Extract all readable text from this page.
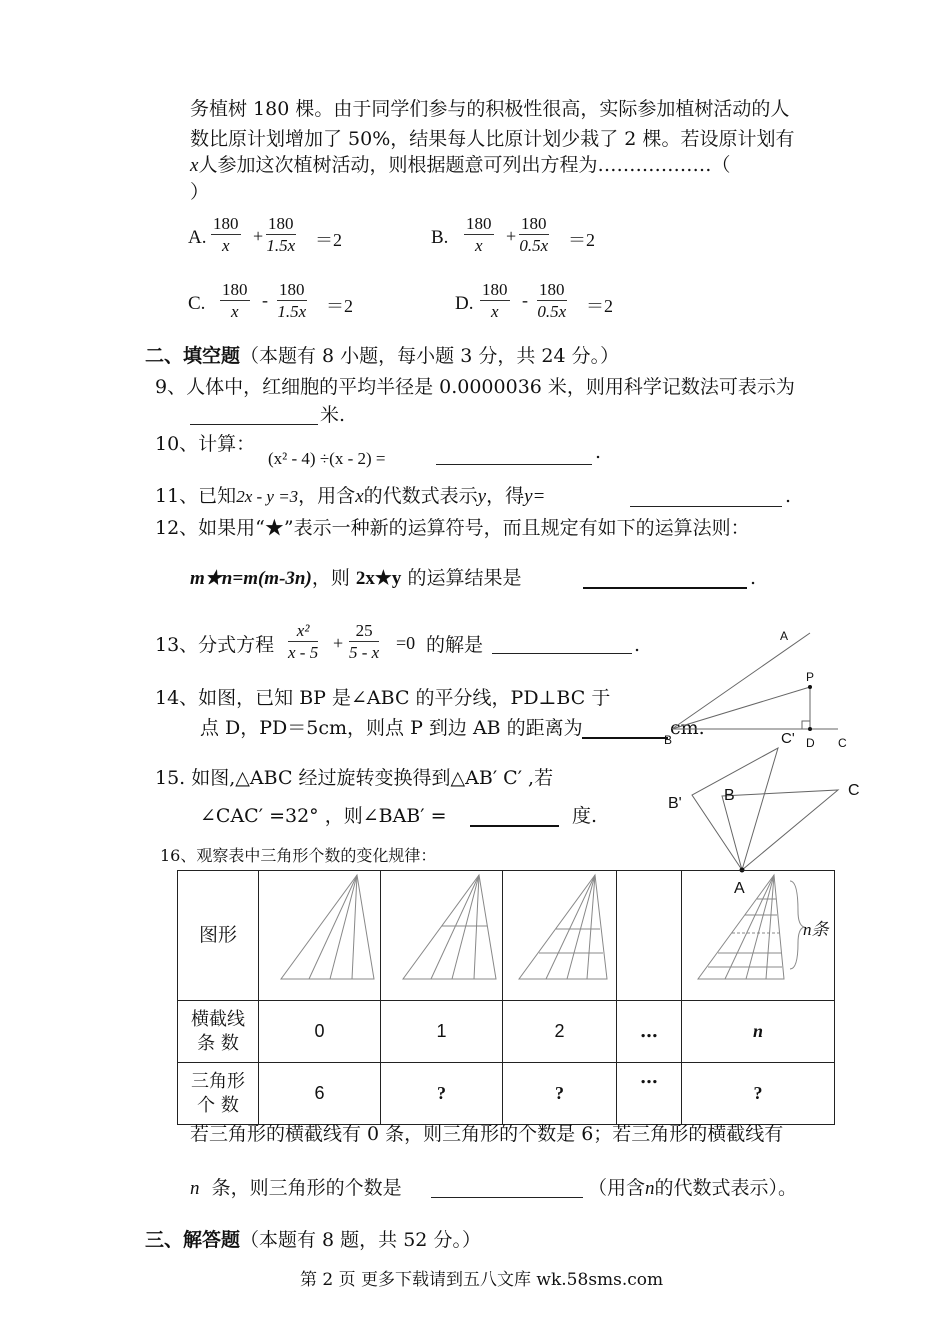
务植树 180 棵。由于同学们参与的积极性很高，实际参加植树活动的人
数比原计划增加了 50%，结果每人比原计划少栽了 2 棵。若设原计划有
x人参加这次植树活动，则根据题意可列出方程为………………（
）
A. $\frac{180}{x} + \frac{180}{1.5x} =2$	B. $\frac{180}{x} + \frac{180}{0.5x} =2$
C. $\frac{180}{x} - \frac{180}{1.5x} =2$	D. $\frac{180}{x} - \frac{180}{0.5x} =2$
二、填空题（本题有 8 小题，每小题 3 分，共 24 分。）
9、人体中，红细胞的平均半径是 0.0000036 米，则用科学记数法可表示为
米.
10、计算：
(x² - 4) ÷(x - 2) =	.
11、已知2x - y =3，用含x的代数式表示y，得y=	.
12、如果用“★”表示一种新的运算符号，而且规定有如下的运算法则：
m★n=m(m-3n)，则 2x★y 的运算结果是	.
13、分式方程 $\frac{\text{x²}}{x - 5} + \frac{25}{5 - x} =0$ 的解是	.
14、如图，已知 BP 是∠ABC 的平分线，PD⊥BC 于
点 D，PD＝5cm，则点 P 到边 AB 的距离为	cm.
A
P
B	D C
C'
15. 如图,△ABC 经过旋转变换得到△AB′ C′ ,若
∠CAC′ =32° ，则∠BAB′ =	度.
B'	B	C
A
16、观察表中三角形个数的变化规律：
图形					n条

横截线
条 数	0	1	2	…	n

三角形
个 数	6	?	?	…	?
若三角形的横截线有 0 条，则三角形的个数是 6；若三角形的横截线有
n 条，则三角形的个数是	（用含n的代数式表示）。
三、解答题（本题有 8 题，共 52 分。）
第 2 页 更多下载请到五八文库 wk.58sms.com
